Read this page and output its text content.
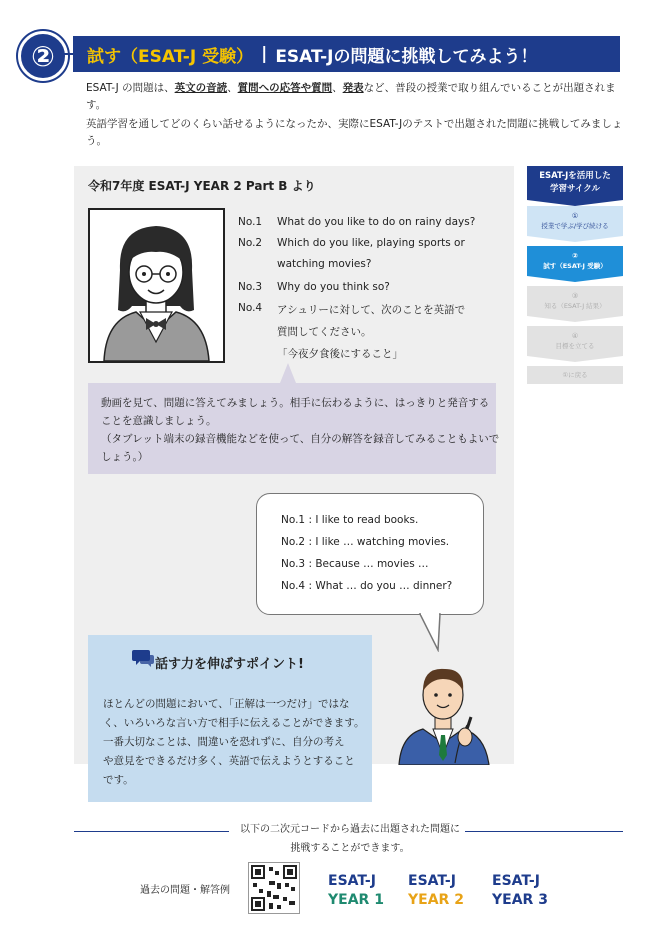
②	試す（ESAT-J 受験） | ESAT-Jの問題に挑戦してみよう！
ESAT-J の問題は、英文の音読、質問への応答や質問、発表など、普段の授業で取り組んでいることが出題されます。
英語学習を通してどのくらい話せるようになったか、実際にESAT-Jのテストで出題された問題に挑戦してみましょう。
令和7年度 ESAT-J YEAR 2 Part B より
No.1 What do you like to do on rainy days?
No.2 Which do you like, playing sports or
watching movies?
No.3 Why do you think so?
No.4 アシュリーに対して、次のことを英語で
質問してください。
「今夜夕食後にすること」
動画を見て、問題に答えてみましょう。相手に伝わるように、はっきりと発音する
ことを意識しましょう。
（タブレット端末の録音機能などを使って、自分の解答を録音してみることもよいで
しょう。）
No.1 : I like to read books.
No.2 : I like … watching movies.
No.3 : Because … movies …
No.4 : What … do you … dinner?
話す力を伸ばすポイント!
ほとんどの問題において、「正解は一つだけ」ではな
く、いろいろな言い方で相手に伝えることができます。
一番大切なことは、間違いを恐れずに、自分の考え
や意見をできるだけ多く、英語で伝えようとすること
です。
ESAT-Jを活用した
学習サイクル
①
授業で学ぶ/学び続ける
②
試す（ESAT-J 受験）
③
知る（ESAT-J 結果）
④
目標を立てる
①に戻る
以下の二次元コードから過去に出題された問題に
挑戦することができます。
過去の問題・解答例
ESAT-J
YEAR 1
ESAT-J
YEAR 2
ESAT-J
YEAR 3
